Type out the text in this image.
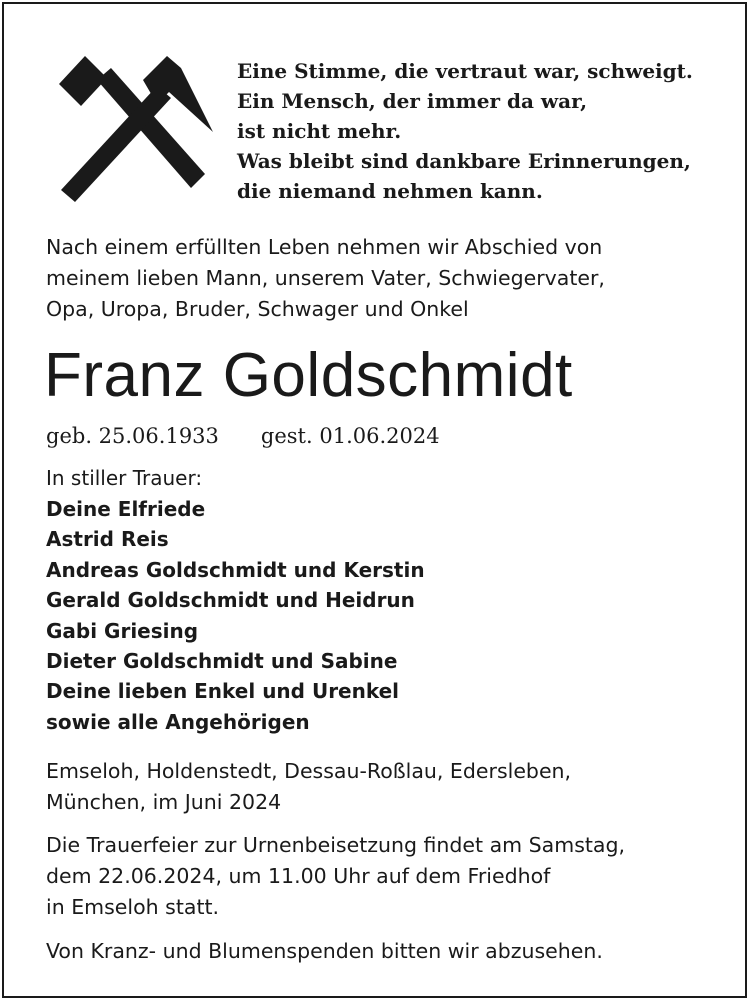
Eine Stimme, die vertraut war, schweigt.
Ein Mensch, der immer da war,
ist nicht mehr.
Was bleibt sind dankbare Erinnerungen,
die niemand nehmen kann.
Nach einem erfüllten Leben nehmen wir Abschied von
meinem lieben Mann, unserem Vater, Schwiegervater,
Opa, Uropa, Bruder, Schwager und Onkel
Franz Goldschmidt
geb. 25.06.1933 gest. 01.06.2024
In stiller Trauer:
Deine Elfriede
Astrid Reis
Andreas Goldschmidt und Kerstin
Gerald Goldschmidt und Heidrun
Gabi Griesing
Dieter Goldschmidt und Sabine
Deine lieben Enkel und Urenkel
sowie alle Angehörigen
Emseloh, Holdenstedt, Dessau-Roßlau, Edersleben,
München, im Juni 2024
Die Trauerfeier zur Urnenbeisetzung findet am Samstag,
dem 22.06.2024, um 11.00 Uhr auf dem Friedhof
in Emseloh statt.
Von Kranz- und Blumenspenden bitten wir abzusehen.
